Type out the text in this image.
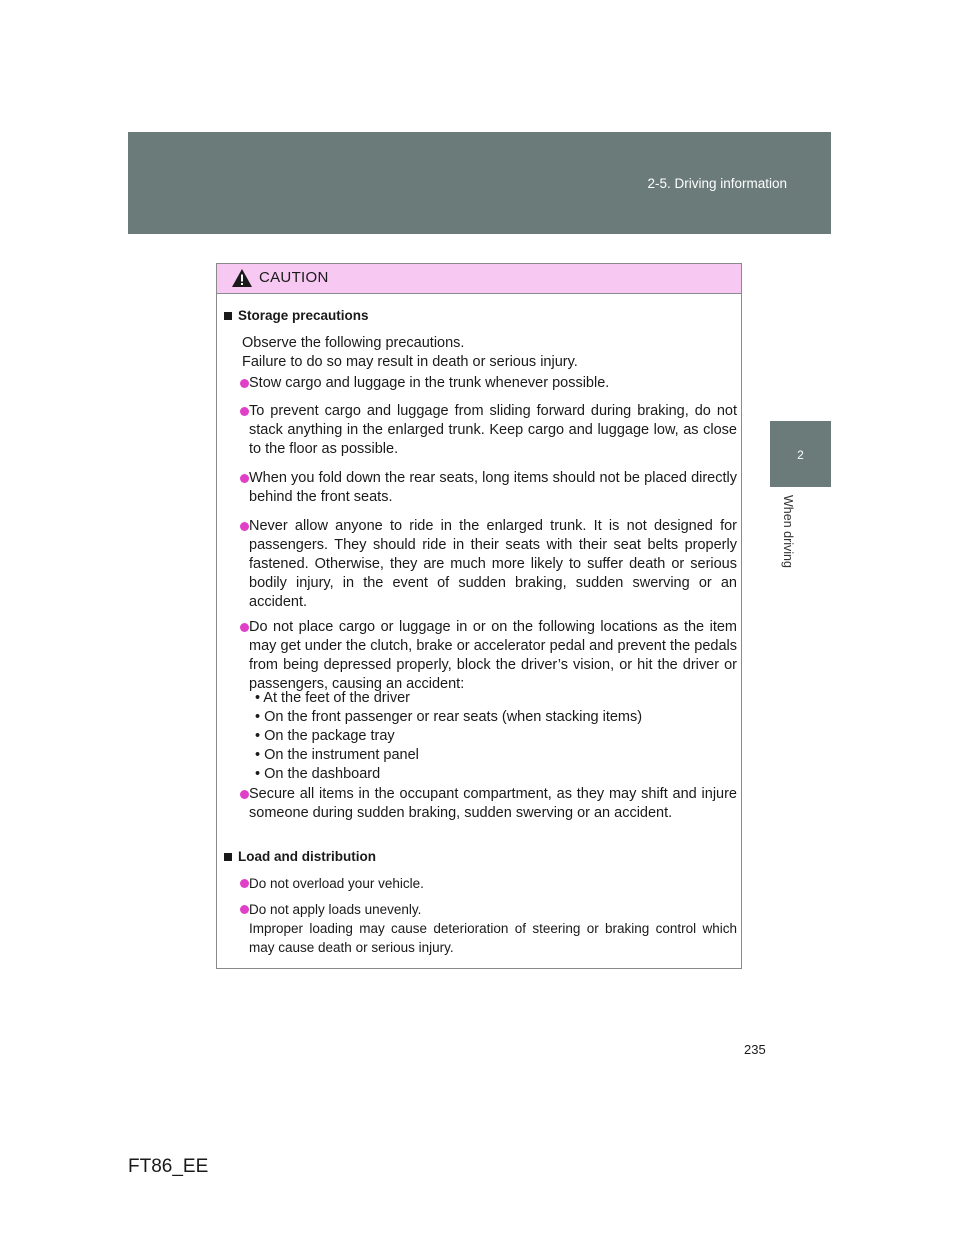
2-5. Driving information
2
When driving
CAUTION
Storage precautions
Observe the following precautions.
Failure to do so may result in death or serious injury.
Stow cargo and luggage in the trunk whenever possible.
To prevent cargo and luggage from sliding forward during braking, do not stack anything in the enlarged trunk. Keep cargo and luggage low, as close to the floor as possible.
When you fold down the rear seats, long items should not be placed directly behind the front seats.
Never allow anyone to ride in the enlarged trunk. It is not designed for passengers. They should ride in their seats with their seat belts properly fastened. Otherwise, they are much more likely to suffer death or serious bodily injury, in the event of sudden braking, sudden swerving or an accident.
Do not place cargo or luggage in or on the following locations as the item may get under the clutch, brake or accelerator pedal and prevent the pedals from being depressed properly, block the driver’s vision, or hit the driver or passengers, causing an accident:
• At the feet of the driver
• On the front passenger or rear seats (when stacking items)
• On the package tray
• On the instrument panel
• On the dashboard
Secure all items in the occupant compartment, as they may shift and injure someone during sudden braking, sudden swerving or an accident.
Load and distribution
Do not overload your vehicle.
Do not apply loads unevenly.
Improper loading may cause deterioration of steering or braking control which may cause death or serious injury.
235
FT86_EE
